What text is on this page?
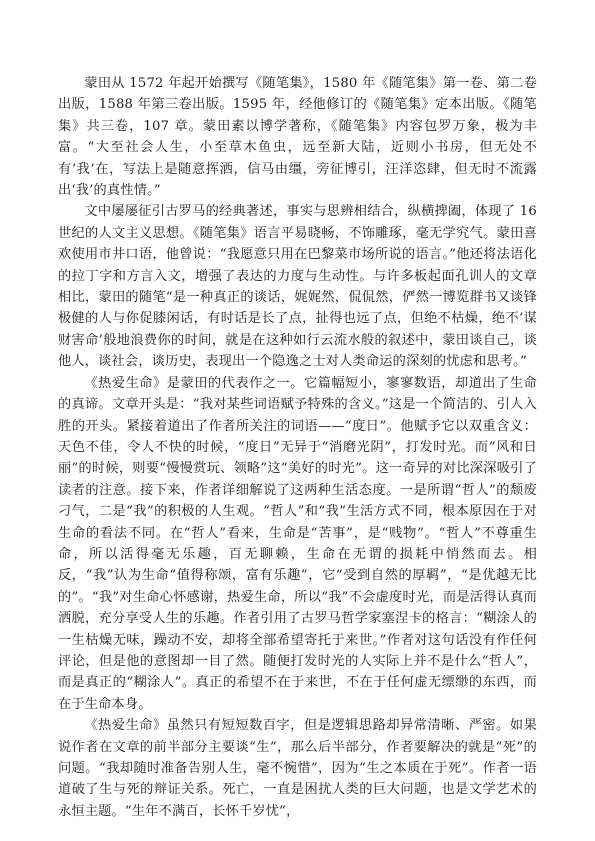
蒙田从 1572 年起开始撰写《随笔集》，1580 年《随笔集》第一卷、第二卷出版，1588 年第三卷出版。1595 年，经他修订的《随笔集》定本出版。《随笔集》共三卷，107 章。蒙田素以博学著称，《随笔集》内容包罗万象，极为丰富。“大至社会人生，小至草木鱼虫，远至新大陆，近则小书房，但无处不有‘我’在，写法上是随意挥洒，信马由缰，旁征博引，汪洋恣肆，但无时不流露出‘我’的真性情。”

文中屡屡征引古罗马的经典著述，事实与思辨相结合，纵横捭阖，体现了 16 世纪的人文主义思想。《随笔集》语言平易晓畅，不饰雕琢，毫无学究气。蒙田喜欢使用市井口语，他曾说：“我愿意只用在巴黎菜市场所说的语言。”他还将法语化的拉丁字和方言入文，增强了表达的力度与生动性。与许多板起面孔训人的文章相比，蒙田的随笔“是一种真正的谈话，娓娓然，侃侃然，俨然一博览群书又谈锋极健的人与你促膝闲话，有时话是长了点，扯得也远了点，但绝不枯燥，绝不‘谋财害命’般地浪费你的时间，就是在这种如行云流水般的叙述中，蒙田谈自己，谈他人，谈社会，谈历史，表现出一个隐逸之士对人类命运的深刻的忧虑和思考。”

《热爱生命》是蒙田的代表作之一。它篇幅短小，寥寥数语，却道出了生命的真谛。文章开头是：“我对某些词语赋予特殊的含义。”这是一个简洁的、引人入胜的开头。紧接着道出了作者所关注的词语——“度日”。他赋予它以双重含义：天色不佳，令人不快的时候，“度日”无异于“消磨光阴”，打发时光。而“风和日丽”的时候，则要“慢慢赏玩、领略”这“美好的时光”。这一奇异的对比深深吸引了读者的注意。接下来，作者详细解说了这两种生活态度。一是所谓“哲人”的颓废刁气，二是“我”的积极的人生观。“哲人”和“我”生活方式不同，根本原因在于对生命的看法不同。在“哲人”看来，生命是“苦事”，是“贱物”。“哲人”不尊重生命，所以活得毫无乐趣，百无聊赖，生命在无谓的损耗中悄然而去。相反，“我”认为生命“值得称颂，富有乐趣”，它“受到自然的厚羁”，“是优越无比的”。“我”对生命心怀感谢，热爱生命，所以“我”不会虚度时光，而是活得认真而洒脱，充分享受人生的乐趣。作者引用了古罗马哲学家塞涅卡的格言：“糊涂人的一生枯燥无味，躁动不安，却将全部希望寄托于来世。”作者对这句话没有作任何评论，但是他的意图却一目了然。随便打发时光的人实际上并不是什么“哲人”，而是真正的“糊涂人”。真正的希望不在于来世，不在于任何虚无缥缈的东西，而在于生命本身。

《热爱生命》虽然只有短短数百字，但是逻辑思路却异常清晰、严密。如果说作者在文章的前半部分主要谈“生”，那么后半部分，作者要解决的就是“死”的问题。“我却随时准备告别人生，毫不惋惜”，因为“生之本质在于死”。作者一语道破了生与死的辩证关系。死亡，一直是困扰人类的巨大问题，也是文学艺术的永恒主题。“生年不满百，长怀千岁忧”，
